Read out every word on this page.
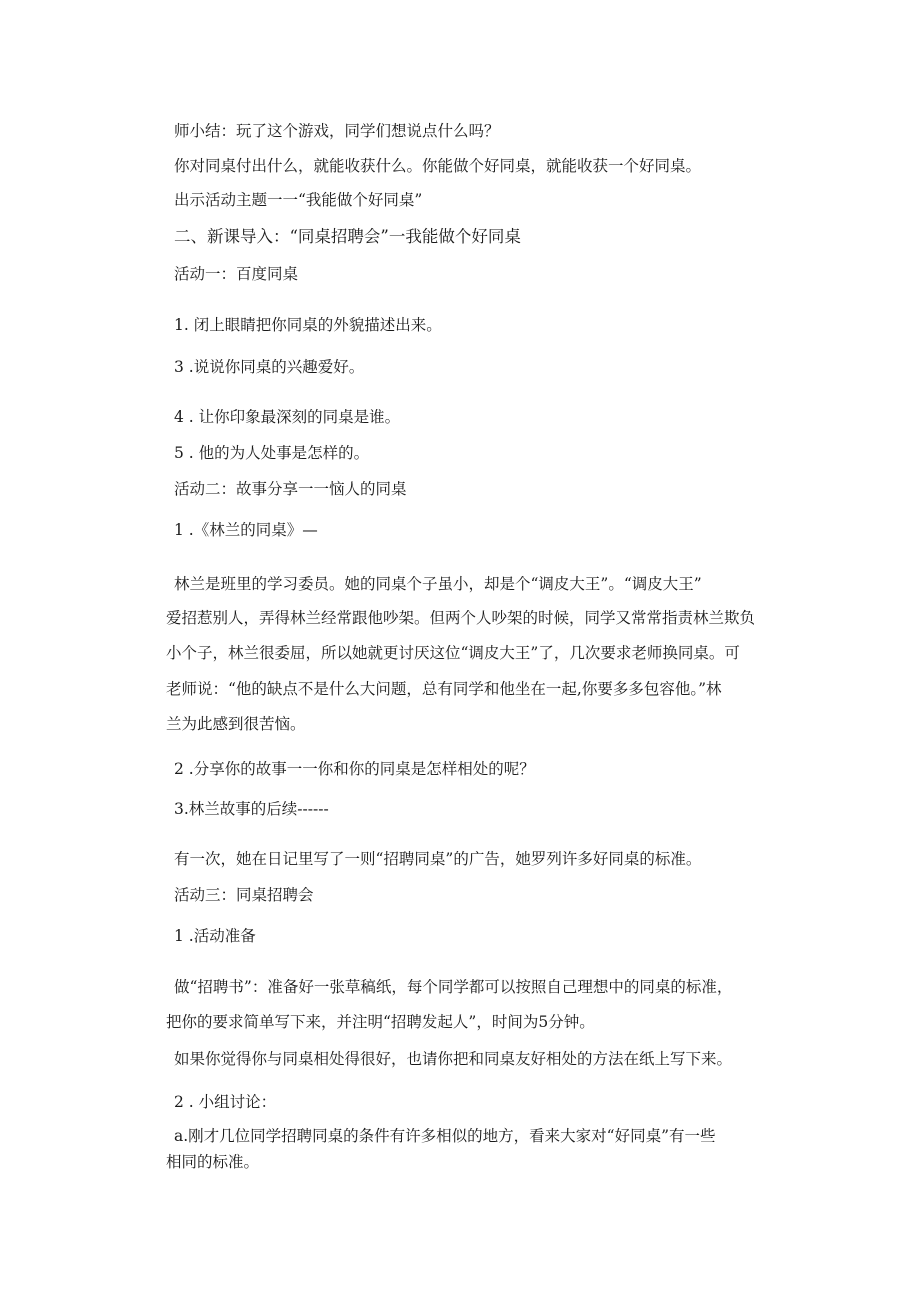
师小结：玩了这个游戏，同学们想说点什么吗？
你对同桌付出什么，就能收获什么。你能做个好同桌，就能收获一个好同桌。
出示活动主题一一“我能做个好同桌”
二、新课导入：“同桌招聘会”一我能做个好同桌
活动一：百度同桌
1. 闭上眼睛把你同桌的外貌描述出来。
3 .说说你同桌的兴趣爱好。
4 . 让你印象最深刻的同桌是谁。
5 . 他的为人处事是怎样的。
活动二：故事分享一一恼人的同桌
1 .《林兰的同桌》—
林兰是班里的学习委员。她的同桌个子虽小，却是个“调皮大王”。“调皮大王”
爱招惹别人，弄得林兰经常跟他吵架。但两个人吵架的时候，同学又常常指责林兰欺负
小个子，林兰很委屈，所以她就更讨厌这位“调皮大王”了，几次要求老师换同桌。可
老师说：“他的缺点不是什么大问题，总有同学和他坐在一起,你要多多包容他。”林
兰为此感到很苦恼。
2 .分享你的故事一一你和你的同桌是怎样相处的呢？
3.林兰故事的后续------
有一次，她在日记里写了一则“招聘同桌”的广告，她罗列许多好同桌的标准。
活动三：同桌招聘会
1 .活动准备
做“招聘书”：准备好一张草稿纸，每个同学都可以按照自己理想中的同桌的标准，
把你的要求简单写下来，并注明“招聘发起人”，时间为5分钟。
如果你觉得你与同桌相处得很好，也请你把和同桌友好相处的方法在纸上写下来。
2 . 小组讨论：
a.刚才几位同学招聘同桌的条件有许多相似的地方，看来大家对“好同桌”有一些
相同的标准。
